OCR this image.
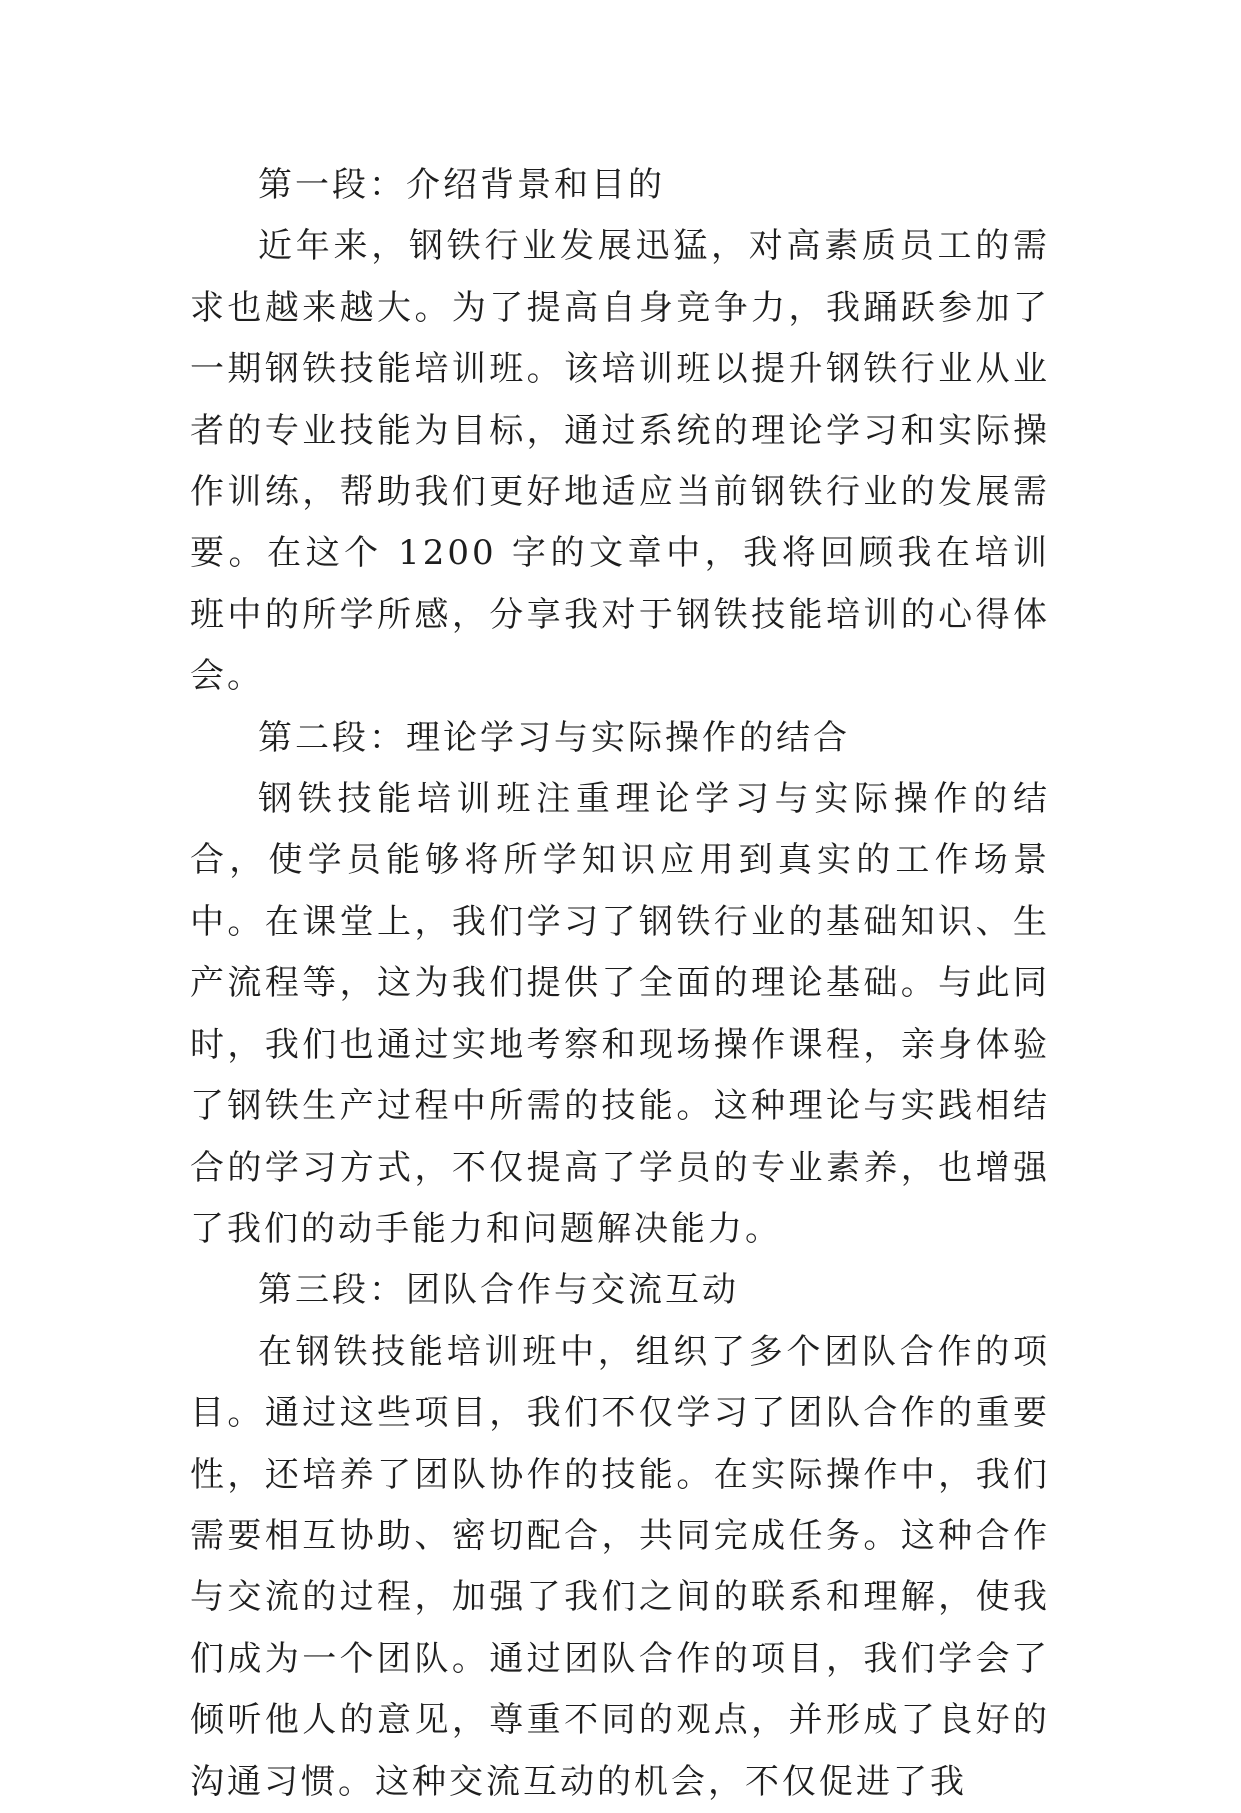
第一段：介绍背景和目的

近年来，钢铁行业发展迅猛，对高素质员工的需求也越来越大。为了提高自身竞争力，我踊跃参加了一期钢铁技能培训班。该培训班以提升钢铁行业从业者的专业技能为目标，通过系统的理论学习和实际操作训练，帮助我们更好地适应当前钢铁行业的发展需要。在这个 1200 字的文章中，我将回顾我在培训班中的所学所感，分享我对于钢铁技能培训的心得体会。

第二段：理论学习与实际操作的结合

钢铁技能培训班注重理论学习与实际操作的结合，使学员能够将所学知识应用到真实的工作场景中。在课堂上，我们学习了钢铁行业的基础知识、生产流程等，这为我们提供了全面的理论基础。与此同时，我们也通过实地考察和现场操作课程，亲身体验了钢铁生产过程中所需的技能。这种理论与实践相结合的学习方式，不仅提高了学员的专业素养，也增强了我们的动手能力和问题解决能力。

第三段：团队合作与交流互动

在钢铁技能培训班中，组织了多个团队合作的项目。通过这些项目，我们不仅学习了团队合作的重要性，还培养了团队协作的技能。在实际操作中，我们需要相互协助、密切配合，共同完成任务。这种合作与交流的过程，加强了我们之间的联系和理解，使我们成为一个团队。通过团队合作的项目，我们学会了倾听他人的意见，尊重不同的观点，并形成了良好的沟通习惯。这种交流互动的机会，不仅促进了我
